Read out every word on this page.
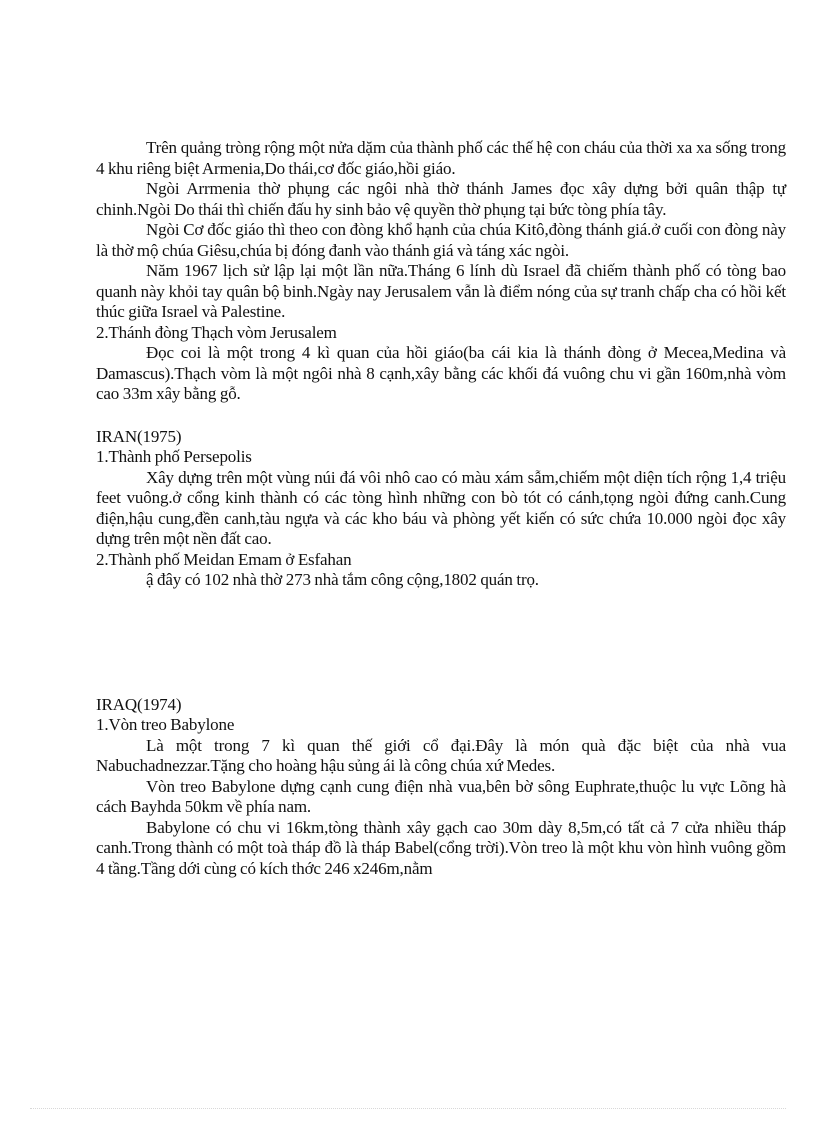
Trên quảng tròng rộng một nửa dặm của thành phố các thế hệ con cháu của thời xa xa sống trong 4 khu riêng biệt Armenia,Do thái,cơ đốc giáo,hồi giáo.

Ngòi Arrmenia thờ phụng các ngôi nhà thờ thánh James đọc xây dựng bởi quân thập tự chinh.Ngòi Do thái thì chiến đấu hy sinh bảo vệ quyền thờ phụng tại bức tòng phía tây.

Ngòi Cơ đốc giáo thì theo con đòng khổ hạnh của chúa Kitô,đòng thánh giá.ở cuối con đòng này là thờ mộ chúa Giêsu,chúa bị đóng đanh vào thánh giá và táng xác ngòi.

Năm 1967 lịch sử lập lại một lần nữa.Tháng 6 lính dù Israel đã chiếm thành phố có tòng bao quanh này khỏi tay quân bộ binh.Ngày nay Jerusalem vẫn là điểm nóng của sự tranh chấp cha có hồi kết thúc giữa Israel và Palestine.

2.Thánh đòng Thạch vòm Jerusalem

Đọc coi là một trong 4 kì quan của hồi giáo(ba cái kia là thánh đòng ở Mecea,Medina và Damascus).Thạch vòm là một ngôi nhà 8 cạnh,xây bằng các khối đá vuông chu vi gần 160m,nhà vòm cao 33m xây bằng gỗ.

IRAN(1975)

1.Thành phố Persepolis

Xây dựng trên một vùng núi đá vôi nhô cao có màu xám sẫm,chiếm một diện tích rộng 1,4 triệu feet vuông.ở cổng kinh thành có các tòng hình những con bò tót có cánh,tọng ngòi đứng canh.Cung điện,hậu cung,đền canh,tàu ngựa và các kho báu và phòng yết kiến có sức chứa 10.000 ngòi đọc xây dựng trên một nền đất cao.

2.Thành phố Meidan Emam ở Esfahan

ậ đây có 102 nhà thờ 273 nhà tắm công cộng,1802 quán trọ.

IRAQ(1974)

1.Vòn treo Babylone

Là một trong 7 kì quan thế giới cổ đại.Đây là món quà đặc biệt của nhà vua Nabuchadnezzar.Tặng cho hoàng hậu sủng ái là công chúa xứ Medes.

Vòn treo Babylone dựng cạnh cung điện nhà vua,bên bờ sông Euphrate,thuộc lu vực Lõng hà cách Bayhda 50km về phía nam.

Babylone có chu vi 16km,tòng thành xây gạch cao 30m dày 8,5m,có tất cả 7 cửa nhiều tháp canh.Trong thành có một toà tháp đồ là tháp Babel(cổng trời).Vòn treo là một khu vòn hình vuông gồm 4 tầng.Tầng dới cùng có kích thớc 246 x246m,nằm
